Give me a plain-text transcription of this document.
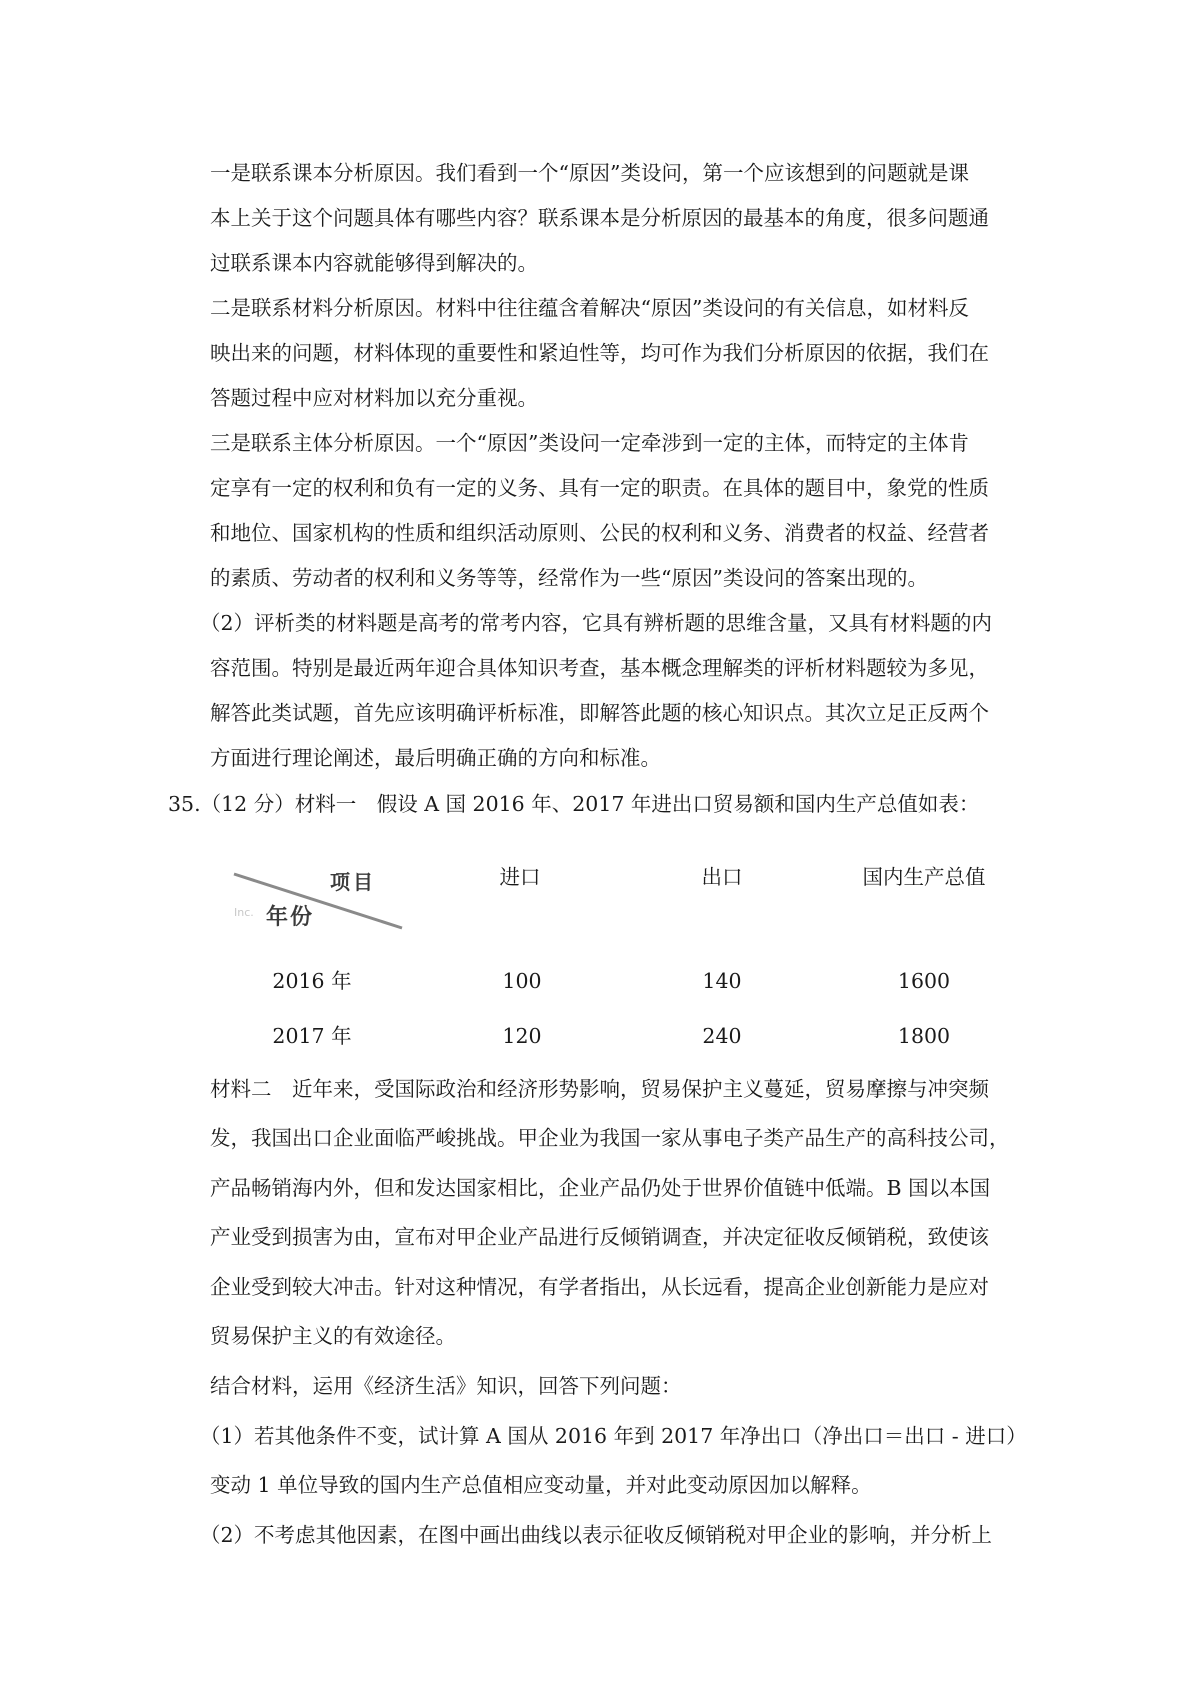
一是联系课本分析原因。我们看到一个“原因”类设问，第一个应该想到的问题就是课
本上关于这个问题具体有哪些内容？联系课本是分析原因的最基本的角度，很多问题通
过联系课本内容就能够得到解决的。
二是联系材料分析原因。材料中往往蕴含着解决“原因”类设问的有关信息，如材料反
映出来的问题，材料体现的重要性和紧迫性等，均可作为我们分析原因的依据，我们在
答题过程中应对材料加以充分重视。
三是联系主体分析原因。一个“原因”类设问一定牵涉到一定的主体，而特定的主体肯
定享有一定的权利和负有一定的义务、具有一定的职责。在具体的题目中，象党的性质
和地位、国家机构的性质和组织活动原则、公民的权利和义务、消费者的权益、经营者
的素质、劳动者的权利和义务等等，经常作为一些“原因”类设问的答案出现的。
（2）评析类的材料题是高考的常考内容，它具有辨析题的思维含量，又具有材料题的内
容范围。特别是最近两年迎合具体知识考查，基本概念理解类的评析材料题较为多见，
解答此类试题，首先应该明确评析标准，即解答此题的核心知识点。其次立足正反两个
方面进行理论阐述，最后明确正确的方向和标准。
35.（12 分）材料一　假设 A 国 2016 年、2017 年进出口贸易额和国内生产总值如表：
项目
年份
Inc.
进口	出口	国内生产总值
2016 年	100	140	1600
2017 年	120	240	1800
材料二　近年来，受国际政治和经济形势影响，贸易保护主义蔓延，贸易摩擦与冲突频
发，我国出口企业面临严峻挑战。甲企业为我国一家从事电子类产品生产的高科技公司，
产品畅销海内外，但和发达国家相比，企业产品仍处于世界价值链中低端。B 国以本国
产业受到损害为由，宣布对甲企业产品进行反倾销调查，并决定征收反倾销税，致使该
企业受到较大冲击。针对这种情况，有学者指出，从长远看，提高企业创新能力是应对
贸易保护主义的有效途径。
结合材料，运用《经济生活》知识，回答下列问题：
（1）若其他条件不变，试计算 A 国从 2016 年到 2017 年净出口（净出口＝出口 - 进口）
变动 1 单位导致的国内生产总值相应变动量，并对此变动原因加以解释。
（2）不考虑其他因素，在图中画出曲线以表示征收反倾销税对甲企业的影响，并分析上
